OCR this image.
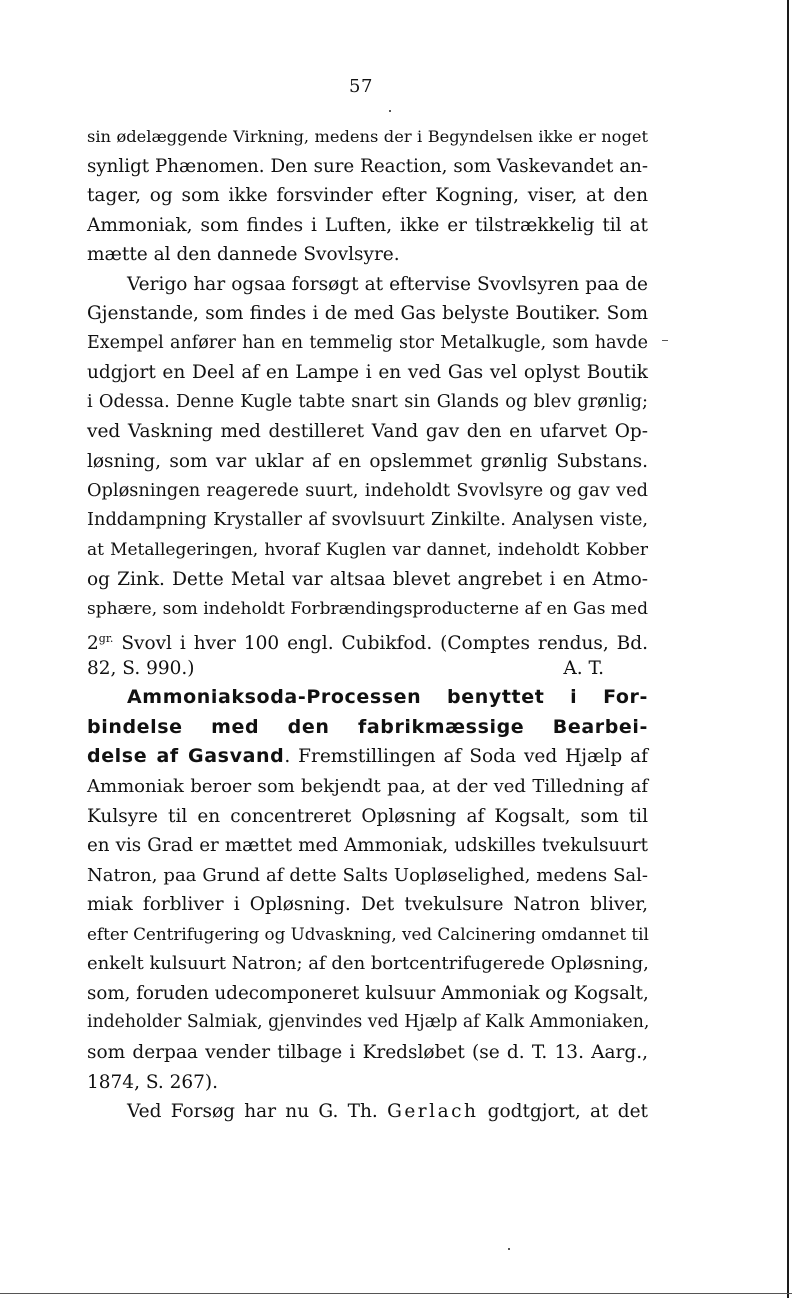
57
sin ødelæggende Virkning, medens der i Begyndelsen ikke er noget
synligt Phænomen. Den sure Reaction, som Vaskevandet an-
tager, og som ikke forsvinder efter Kogning, viser, at den
Ammoniak, som findes i Luften, ikke er tilstrækkelig til at
mætte al den dannede Svovlsyre.
Verigo har ogsaa forsøgt at eftervise Svovlsyren paa de
Gjenstande, som findes i de med Gas belyste Boutiker. Som
Exempel anfører han en temmelig stor Metalkugle, som havde
udgjort en Deel af en Lampe i en ved Gas vel oplyst Boutik
i Odessa. Denne Kugle tabte snart sin Glands og blev grønlig;
ved Vaskning med destilleret Vand gav den en ufarvet Op-
løsning, som var uklar af en opslemmet grønlig Substans.
Opløsningen reagerede suurt, indeholdt Svovlsyre og gav ved
Inddampning Krystaller af svovlsuurt Zinkilte. Analysen viste,
at Metallegeringen, hvoraf Kuglen var dannet, indeholdt Kobber
og Zink. Dette Metal var altsaa blevet angrebet i en Atmo-
sphære, som indeholdt Forbrændingsproducterne af en Gas med
$2^{gr.}$ Svovl i hver 100 engl. Cubikfod. (Comptes rendus, Bd.
82, S. 990.)	A. T.
Ammoniaksoda-Processen benyttet i For-
bindelse med den fabrikmæssige Bearbei-
delse af Gasvand. Fremstillingen af Soda ved Hjælp af
Ammoniak beroer som bekjendt paa, at der ved Tilledning af
Kulsyre til en concentreret Opløsning af Kogsalt, som til
en vis Grad er mættet med Ammoniak, udskilles tvekulsuurt
Natron, paa Grund af dette Salts Uopløselighed, medens Sal-
miak forbliver i Opløsning. Det tvekulsure Natron bliver,
efter Centrifugering og Udvaskning, ved Calcinering omdannet til
enkelt kulsuurt Natron; af den bortcentrifugerede Opløsning,
som, foruden udecomponeret kulsuur Ammoniak og Kogsalt,
indeholder Salmiak, gjenvindes ved Hjælp af Kalk Ammoniaken,
som derpaa vender tilbage i Kredsløbet (se d. T. 13. Aarg.,
1874, S. 267).
Ved Forsøg har nu G. Th. Gerlach godtgjort, at det
